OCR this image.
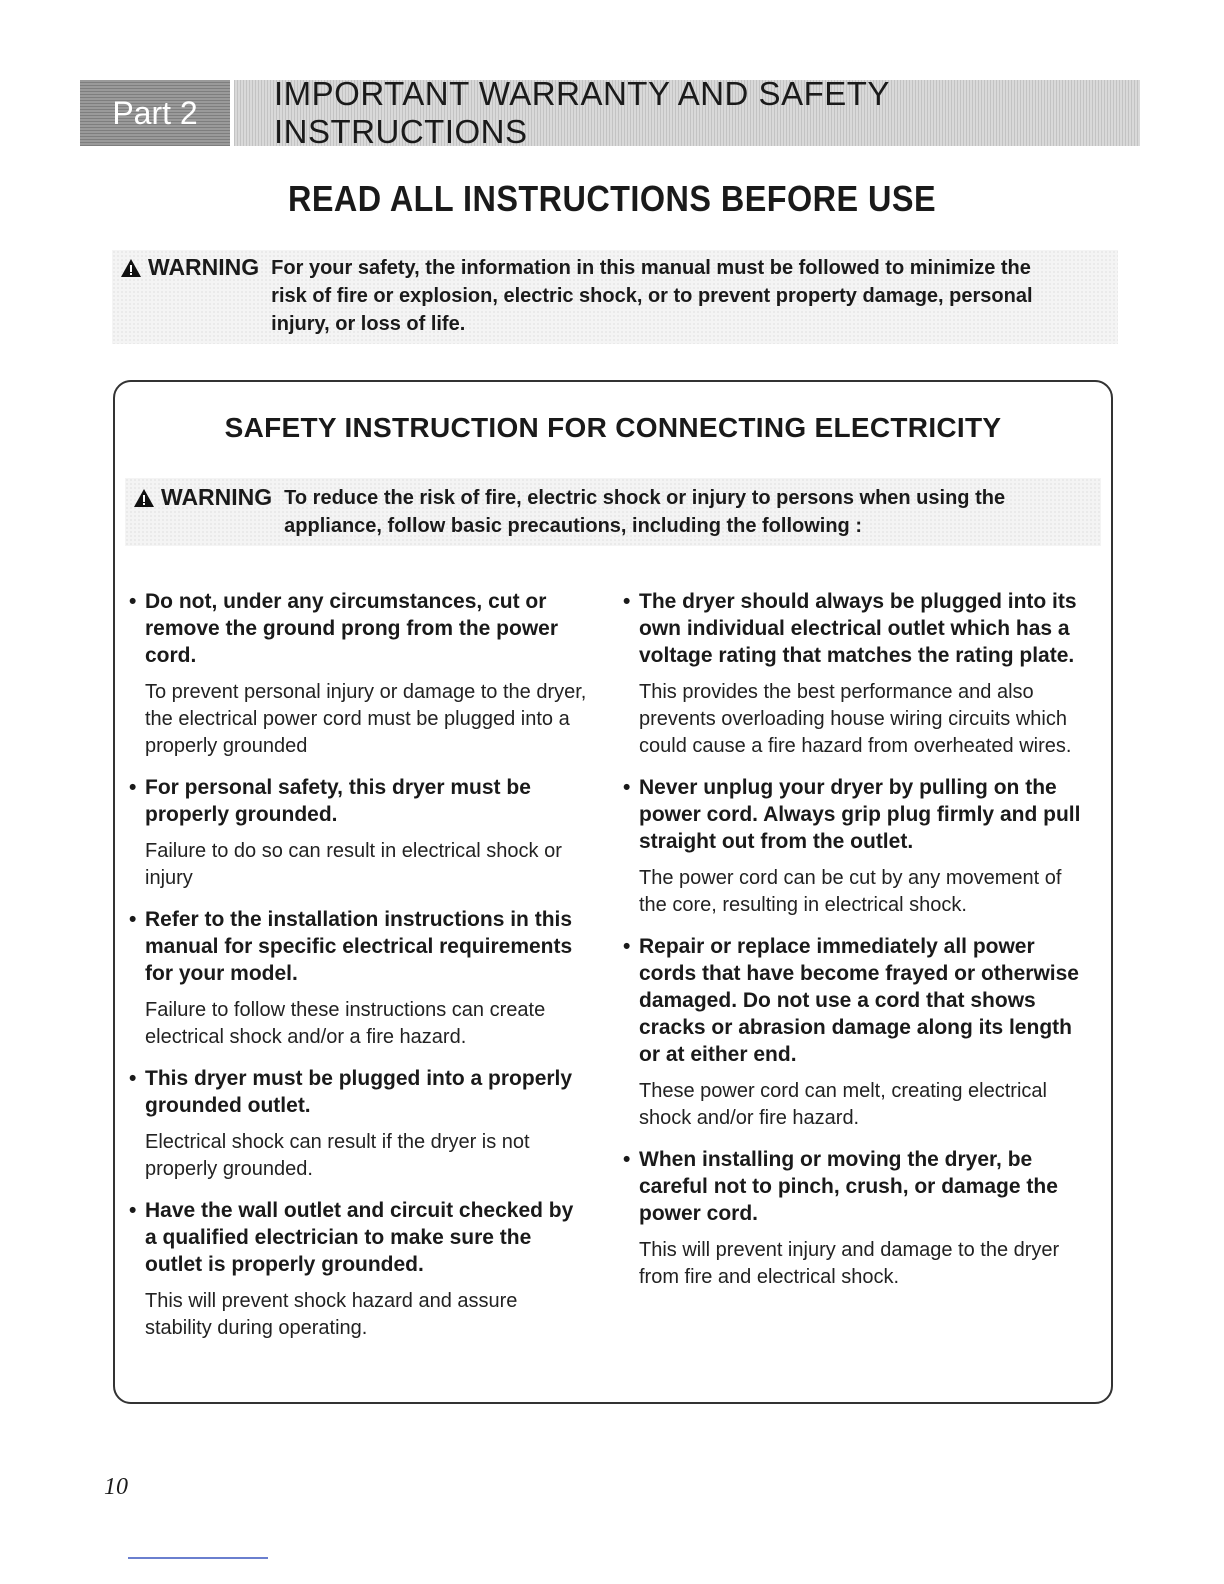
Part 2
IMPORTANT WARRANTY AND SAFETY INSTRUCTIONS
READ ALL INSTRUCTIONS BEFORE USE
WARNING For your safety, the information in this manual must be followed to minimize the risk of fire or explosion, electric shock, or to prevent property damage, personal injury, or loss of life.
SAFETY INSTRUCTION FOR CONNECTING ELECTRICITY
WARNING To reduce the risk of fire, electric shock or injury to persons when using the appliance, follow basic precautions, including the following :

• Do not, under any circumstances, cut or remove the ground prong from the power cord.

To prevent personal injury or damage to the dryer, the electrical power cord must be plugged into a properly grounded

• For personal safety, this dryer must be properly grounded.

Failure to do so can result in electrical shock or injury

• Refer to the installation instructions in this manual for specific electrical requirements for your model.

Failure to follow these instructions can create electrical shock and/or a fire hazard.

• This dryer must be plugged into a properly grounded outlet.

Electrical shock can result if the dryer is not properly grounded.

• Have the wall outlet and circuit checked by a qualified electrician to make sure the outlet is properly grounded.

This will prevent shock hazard and assure stability during operating.

• The dryer should always be plugged into its own individual electrical outlet which has a voltage rating that matches the rating plate.

This provides the best performance and also prevents overloading house wiring circuits which could cause a fire hazard from overheated wires.

• Never unplug your dryer by pulling on the power cord. Always grip plug firmly and pull straight out from the outlet.

The power cord can be cut by any movement of the core, resulting in electrical shock.

• Repair or replace immediately all power cords that have become frayed or otherwise damaged. Do not use a cord that shows cracks or abrasion damage along its length or at either end.

These power cord can melt, creating electrical shock and/or fire hazard.

• When installing or moving the dryer, be careful not to pinch, crush, or damage the power cord.

This will prevent injury and damage to the dryer from fire and electrical shock.

10
